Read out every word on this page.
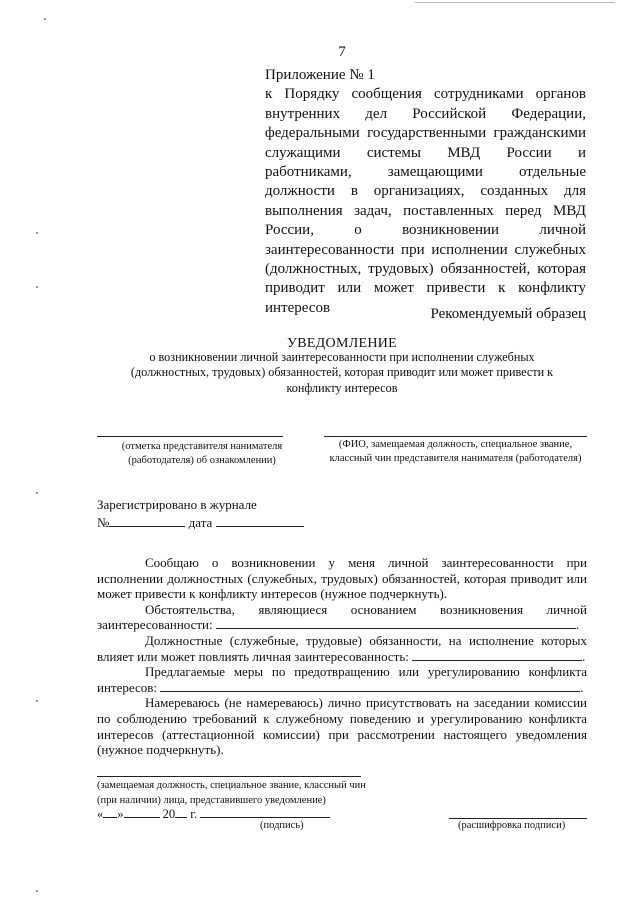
7
Приложение № 1
к Порядку сообщения сотрудниками органов внутренних дел Российской Федерации, федеральными государственными гражданскими служащими системы МВД России и работниками, замещающими отдельные должности в организациях, созданных для выполнения задач, поставленных перед МВД России, о возникновении личной заинтересованности при исполнении служебных (должностных, трудовых) обязанностей, которая приводит или может привести к конфликту интересов	Рекомендуемый образец
УВЕДОМЛЕНИЕ
о возникновении личной заинтересованности при исполнении служебных (должностных, трудовых) обязанностей, которая приводит или может привести к конфликту интересов
(отметка представителя нанимателя (работодателя) об ознакомлении)
(ФИО, замещаемая должность, специальное звание, классный чин представителя нанимателя (работодателя)
Зарегистрировано в журнале
№	дата

Сообщаю о возникновении у меня личной заинтересованности при исполнении должностных (служебных, трудовых) обязанностей, которая приводит или может привести к конфликту интересов (нужное подчеркнуть).

Обстоятельства, являющиеся основанием возникновения личной заинтересованности:	.

Должностные (служебные, трудовые) обязанности, на исполнение которых влияет или может повлиять личная заинтересованность:	.

Предлагаемые меры по предотвращению или урегулированию конфликта интересов:	.

Намереваюсь (не намереваюсь) лично присутствовать на заседании комиссии по соблюдению требований к служебному поведению и урегулированию конфликта интересов (аттестационной комиссии) при рассмотрении настоящего уведомления (нужное подчеркнуть).

(замещаемая должность, специальное звание, классный чин (при наличии) лица, представившего уведомление)
« »	20 г.
(подпись)	(расшифровка подписи)
